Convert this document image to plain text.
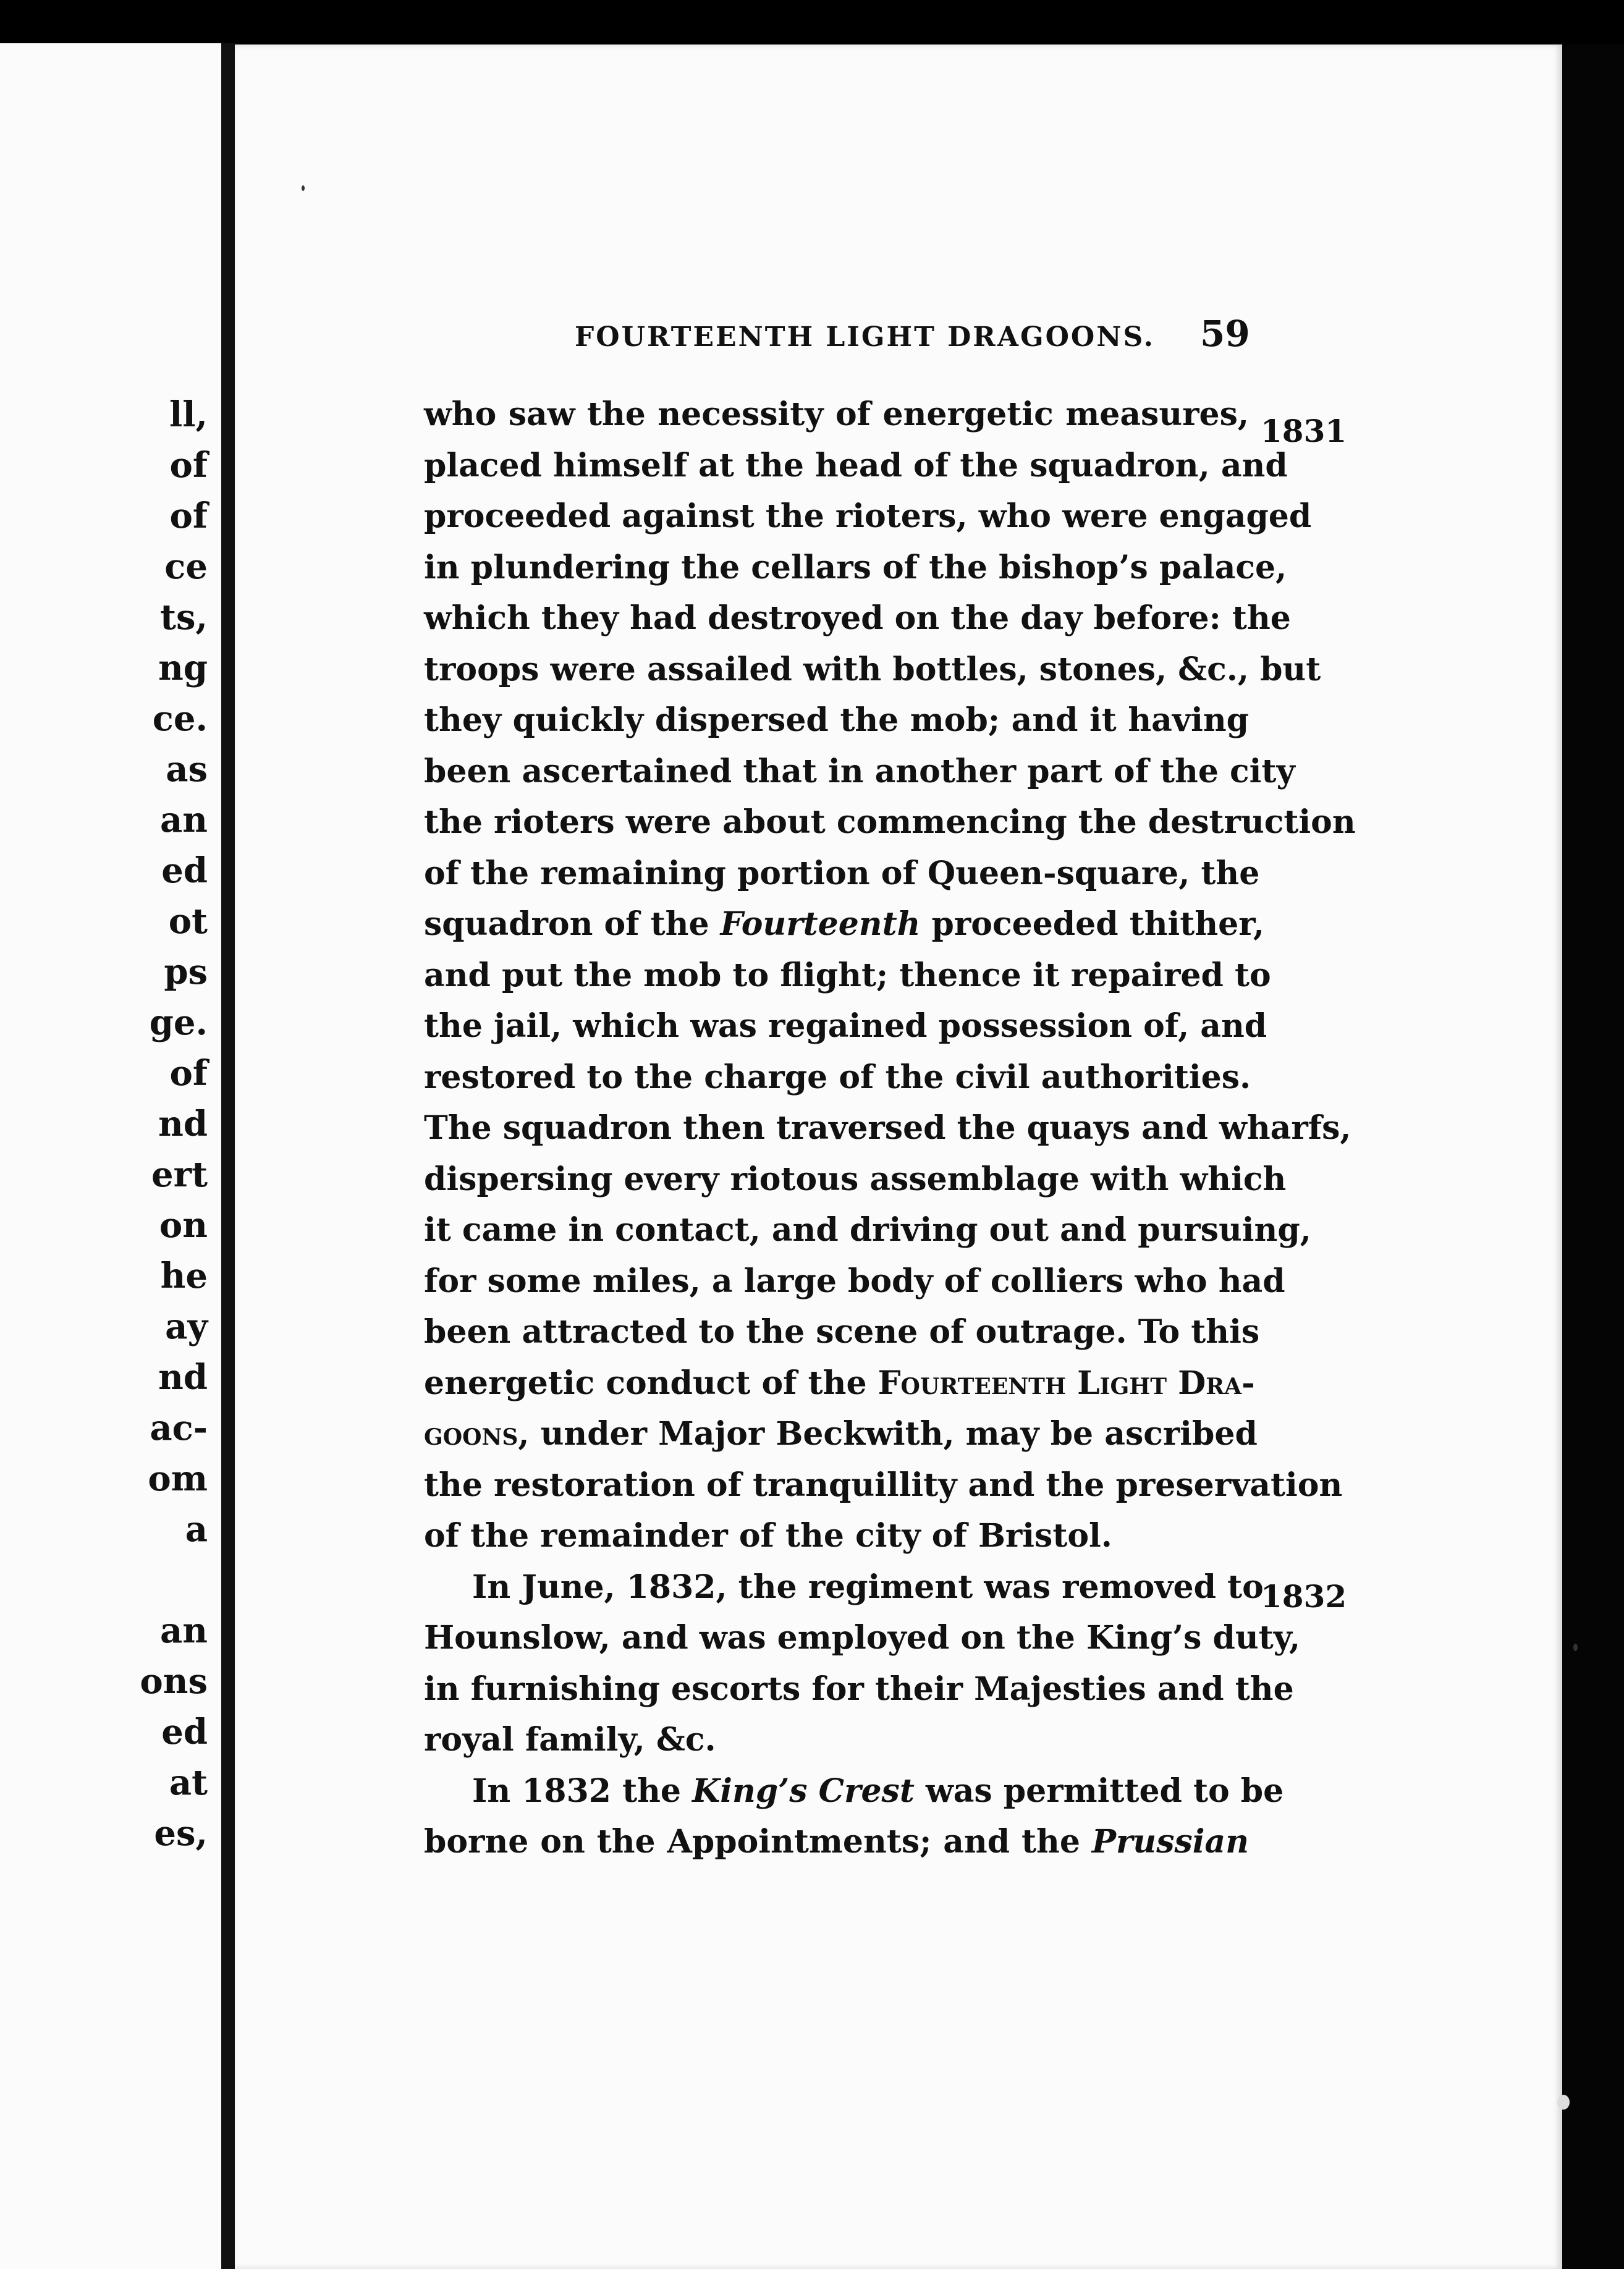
ll,
of
of
ce
ts,
ng
ce.
as
an
ed
ot
ps
ge.
of
nd
ert
on
he
ay
nd
ac-
om
a
an
ons
ed
at
es,
FOURTEENTH LIGHT DRAGOONS. 59
1831
1832
who saw the necessity of energetic measures,
placed himself at the head of the squadron, and
proceeded against the rioters, who were engaged
in plundering the cellars of the bishop’s palace,
which they had destroyed on the day before: the
troops were assailed with bottles, stones, &c., but
they quickly dispersed the mob; and it having
been ascertained that in another part of the city
the rioters were about commencing the destruction
of the remaining portion of Queen-square, the
squadron of the Fourteenth proceeded thither,
and put the mob to flight; thence it repaired to
the jail, which was regained possession of, and
restored to the charge of the civil authorities.
The squadron then traversed the quays and wharfs,
dispersing every riotous assemblage with which
it came in contact, and driving out and pursuing,
for some miles, a large body of colliers who had
been attracted to the scene of outrage. To this
energetic conduct of the Fourteenth Light Dra-
goons, under Major Beckwith, may be ascribed
the restoration of tranquillity and the preservation
of the remainder of the city of Bristol.
In June, 1832, the regiment was removed to
Hounslow, and was employed on the King’s duty,
in furnishing escorts for their Majesties and the
royal family, &c.
In 1832 the King’s Crest was permitted to be
borne on the Appointments; and the Prussian
